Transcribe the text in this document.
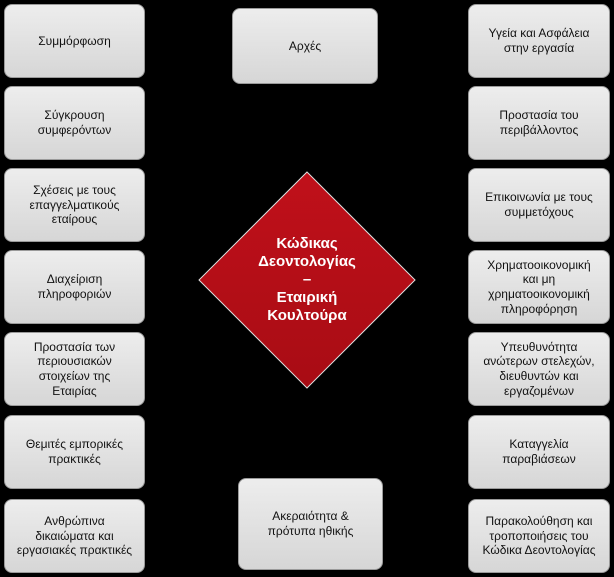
Συμμόρφωση
Σύγκρουση
συμφερόντων
Σχέσεις με τους
επαγγελματικούς
εταίρους
Διαχείριση
πληροφοριών
Προστασία των
περιουσιακών
στοιχείων της
Εταιρίας
Θεμιτές εμπορικές
πρακτικές
Ανθρώπινα
δικαιώματα και
εργασιακές πρακτικές
Υγεία και Ασφάλεια
στην εργασία
Προστασία του
περιβάλλοντος
Επικοινωνία με τους
συμμετόχους
Χρηματοοικονομική
και μη
χρηματοοικονομική
πληροφόρηση
Υπευθυνότητα
ανώτερων στελεχών,
διευθυντών και
εργαζομένων
Καταγγελία
παραβιάσεων
Παρακολούθηση και
τροποποιήσεις του
Κώδικα Δεοντολογίας
Αρχές
Ακεραιότητα &
πρότυπα ηθικής
Κώδικας
Δεοντολογίας
–
Εταιρική
Κουλτούρα
